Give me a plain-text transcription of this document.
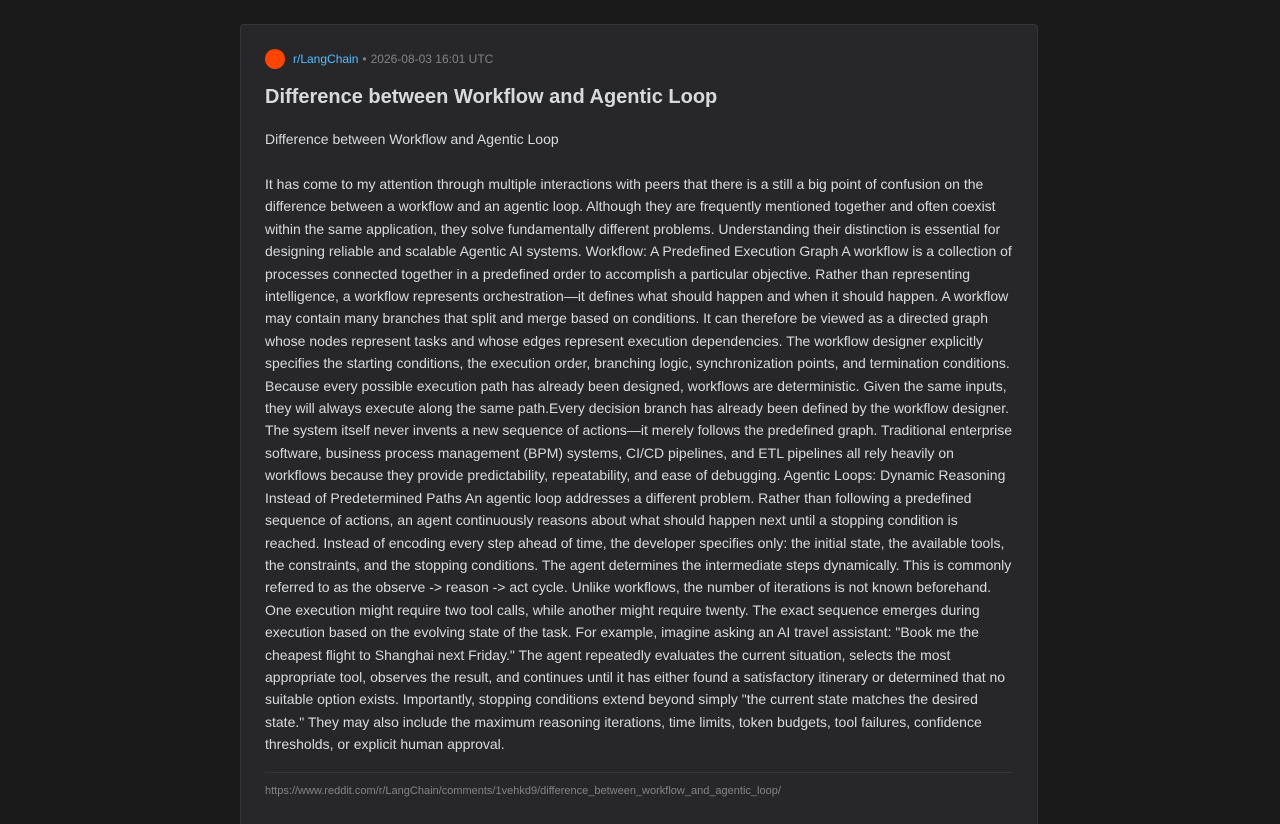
r/LangChain • 2026-08-03 16:01 UTC
Difference between Workflow and Agentic Loop

Difference between Workflow and Agentic Loop

It has come to my attention through multiple interactions with peers that there is a still a big point of confusion on the difference between a workflow and an agentic loop. Although they are frequently mentioned together and often coexist within the same application, they solve fundamentally different problems. Understanding their distinction is essential for designing reliable and scalable Agentic AI systems. Workflow: A Predefined Execution Graph A workflow is a collection of processes connected together in a predefined order to accomplish a particular objective. Rather than representing intelligence, a workflow represents orchestration—it defines what should happen and when it should happen. A workflow may contain many branches that split and merge based on conditions. It can therefore be viewed as a directed graph whose nodes represent tasks and whose edges represent execution dependencies. The workflow designer explicitly specifies the starting conditions, the execution order, branching logic, synchronization points, and termination conditions. Because every possible execution path has already been designed, workflows are deterministic. Given the same inputs, they will always execute along the same path.Every decision branch has already been defined by the workflow designer. The system itself never invents a new sequence of actions—it merely follows the predefined graph. Traditional enterprise software, business process management (BPM) systems, CI/CD pipelines, and ETL pipelines all rely heavily on workflows because they provide predictability, repeatability, and ease of debugging. Agentic Loops: Dynamic Reasoning Instead of Predetermined Paths An agentic loop addresses a different problem. Rather than following a predefined sequence of actions, an agent continuously reasons about what should happen next until a stopping condition is reached. Instead of encoding every step ahead of time, the developer specifies only: the initial state, the available tools, the constraints, and the stopping conditions. The agent determines the intermediate steps dynamically. This is commonly referred to as the observe -> reason -> act cycle. Unlike workflows, the number of iterations is not known beforehand. One execution might require two tool calls, while another might require twenty. The exact sequence emerges during execution based on the evolving state of the task. For example, imagine asking an AI travel assistant: "Book me the cheapest flight to Shanghai next Friday." The agent repeatedly evaluates the current situation, selects the most appropriate tool, observes the result, and continues until it has either found a satisfactory itinerary or determined that no suitable option exists. Importantly, stopping conditions extend beyond simply "the current state matches the desired state." They may also include the maximum reasoning iterations, time limits, token budgets, tool failures, confidence thresholds, or explicit human approval.

https://www.reddit.com/r/LangChain/comments/1vehkd9/difference_between_workflow_and_agentic_loop/
